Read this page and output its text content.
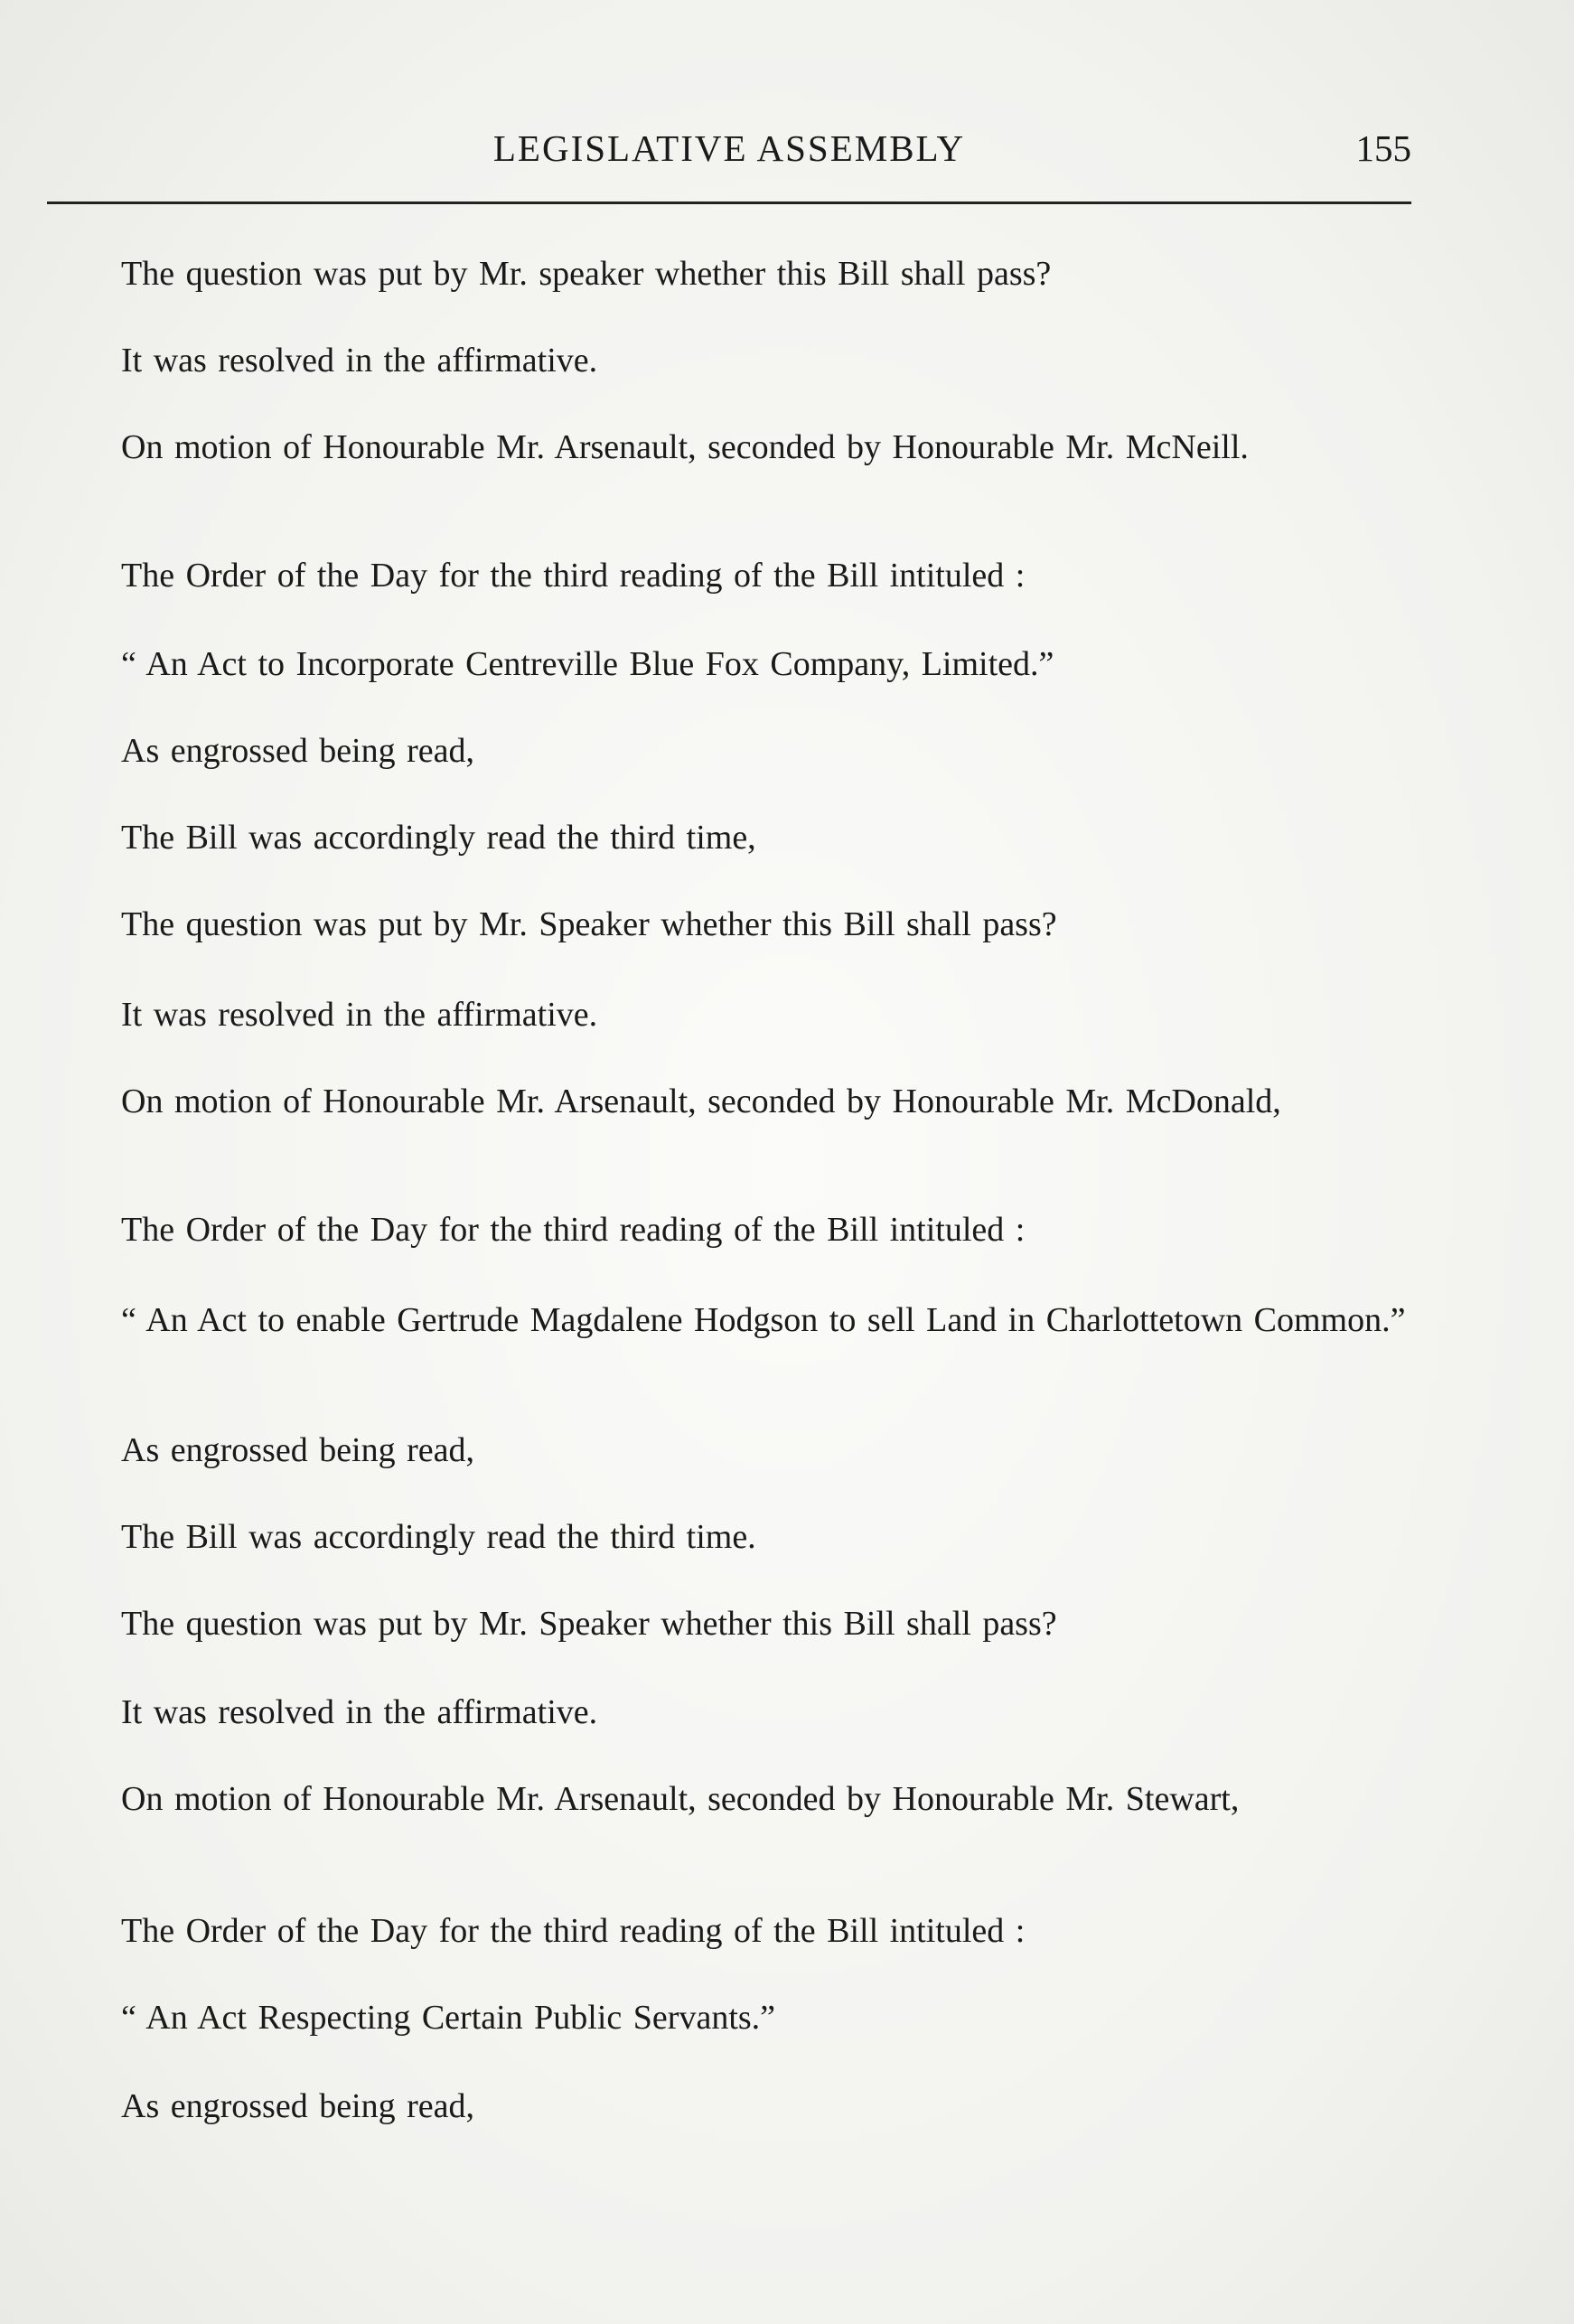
LEGISLATIVE ASSEMBLY	155

The question was put by Mr. speaker whether this Bill shall pass?

It was resolved in the affirmative.

On motion of Honourable Mr. Arsenault, seconded by Honourable Mr. McNeill.

The Order of the Day for the third reading of the Bill intituled :

“ An Act to Incorporate Centreville Blue Fox Company, Limited.”

As engrossed being read,

The Bill was accordingly read the third time,

The question was put by Mr. Speaker whether this Bill shall pass?

It was resolved in the affirmative.

On motion of Honourable Mr. Arsenault, seconded by Honourable Mr. McDonald,

The Order of the Day for the third reading of the Bill intituled :

“ An Act to enable Gertrude Magdalene Hodgson to sell Land in Charlottetown Common.”

As engrossed being read,

The Bill was accordingly read the third time.

The question was put by Mr. Speaker whether this Bill shall pass?

It was resolved in the affirmative.

On motion of Honourable Mr. Arsenault, seconded by Honourable Mr. Stewart,

The Order of the Day for the third reading of the Bill intituled :

“ An Act Respecting Certain Public Servants.”

As engrossed being read,
